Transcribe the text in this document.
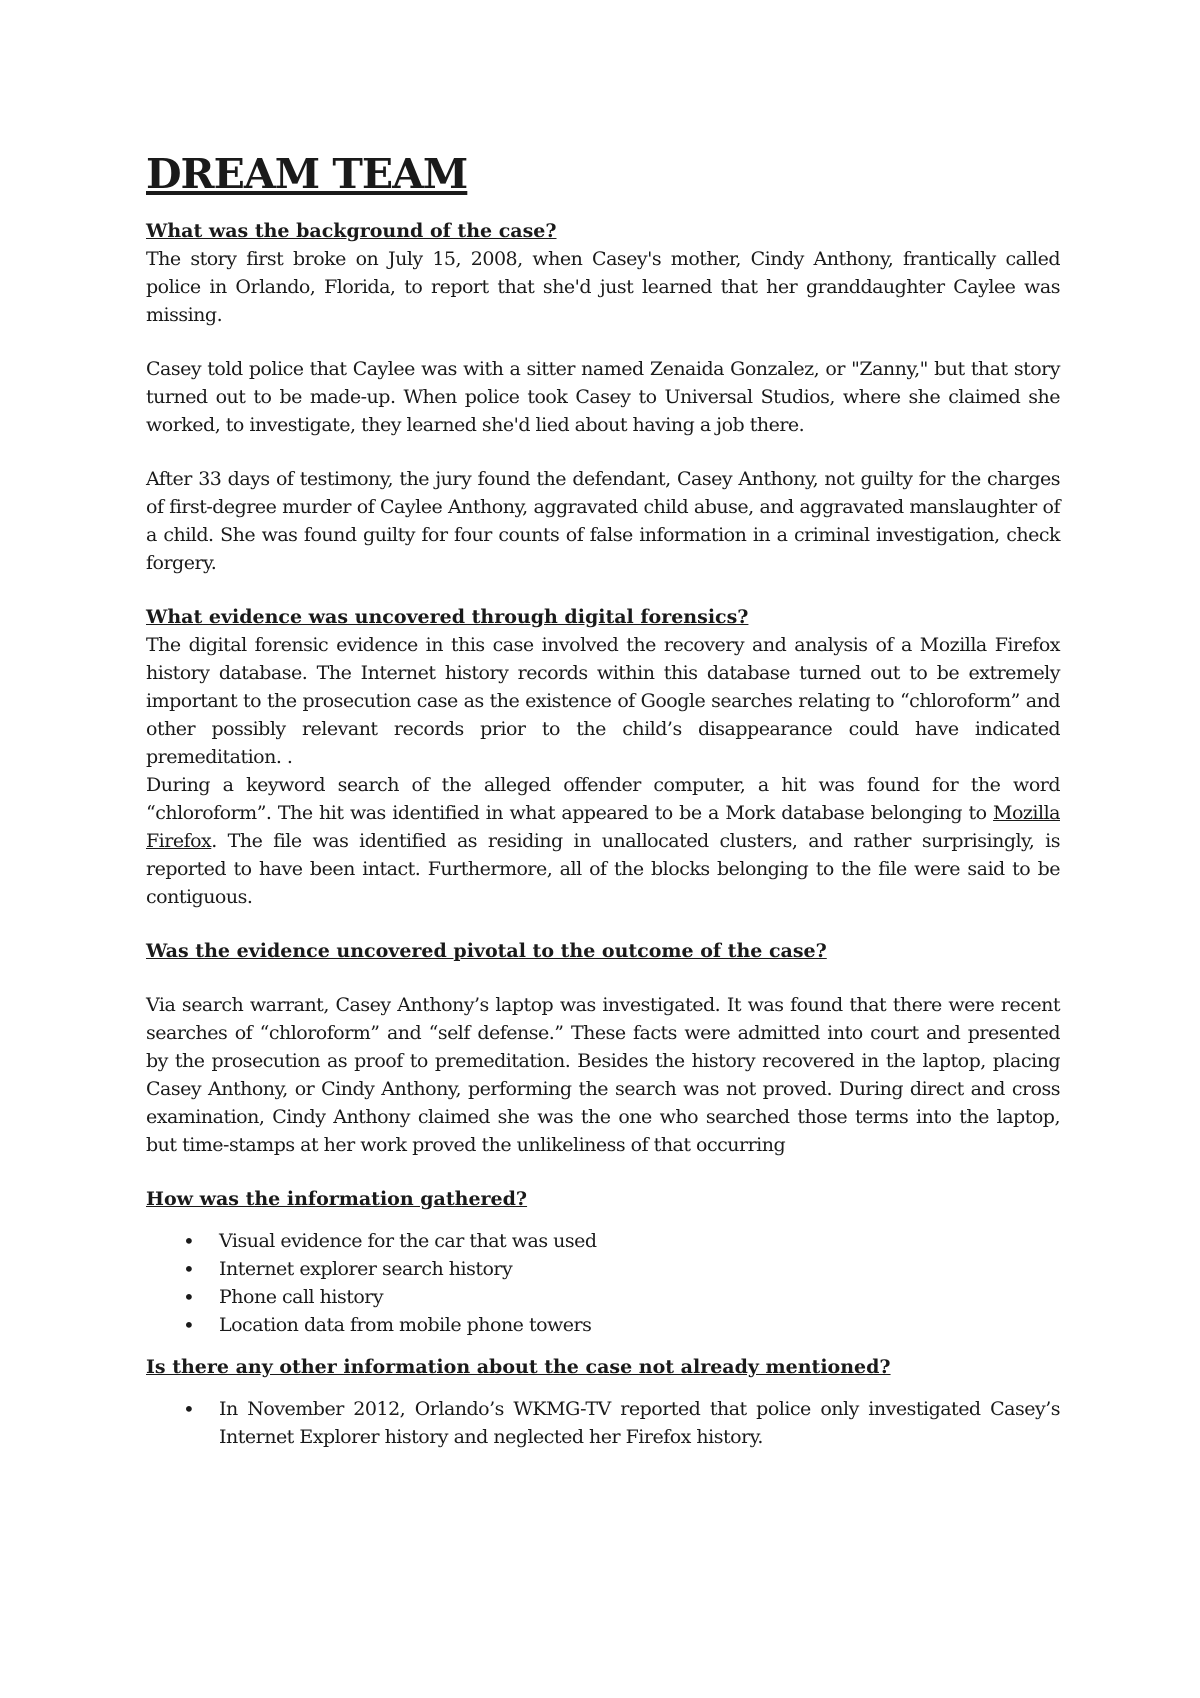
DREAM TEAM
What was the background of the case?

The story first broke on July 15, 2008, when Casey's mother, Cindy Anthony, frantically called police in Orlando, Florida, to report that she'd just learned that her granddaughter Caylee was missing.

Casey told police that Caylee was with a sitter named Zenaida Gonzalez, or "Zanny," but that story turned out to be made-up. When police took Casey to Universal Studios, where she claimed she worked, to investigate, they learned she'd lied about having a job there.

After 33 days of testimony, the jury found the defendant, Casey Anthony, not guilty for the charges of first-degree murder of Caylee Anthony, aggravated child abuse, and aggravated manslaughter of a child. She was found guilty for four counts of false information in a criminal investigation, check forgery.

What evidence was uncovered through digital forensics?

The digital forensic evidence in this case involved the recovery and analysis of a Mozilla Firefox history database. The Internet history records within this database turned out to be extremely important to the prosecution case as the existence of Google searches relating to “chloroform” and other possibly relevant records prior to the child’s disappearance could have indicated premeditation. .

During a keyword search of the alleged offender computer, a hit was found for the word “chloroform”. The hit was identified in what appeared to be a Mork database belonging to Mozilla Firefox. The file was identified as residing in unallocated clusters, and rather surprisingly, is reported to have been intact. Furthermore, all of the blocks belonging to the file were said to be contiguous.

Was the evidence uncovered pivotal to the outcome of the case?

Via search warrant, Casey Anthony’s laptop was investigated. It was found that there were recent searches of “chloroform” and “self defense.” These facts were admitted into court and presented by the prosecution as proof to premeditation. Besides the history recovered in the laptop, placing Casey Anthony, or Cindy Anthony, performing the search was not proved. During direct and cross examination, Cindy Anthony claimed she was the one who searched those terms into the laptop, but time-stamps at her work proved the unlikeliness of that occurring

How was the information gathered?
• Visual evidence for the car that was used
• Internet explorer search history
• Phone call history
• Location data from mobile phone towers
Is there any other information about the case not already mentioned?

• In November 2012, Orlando’s WKMG-TV reported that police only investigated Casey’s Internet Explorer history and neglected her Firefox history.
